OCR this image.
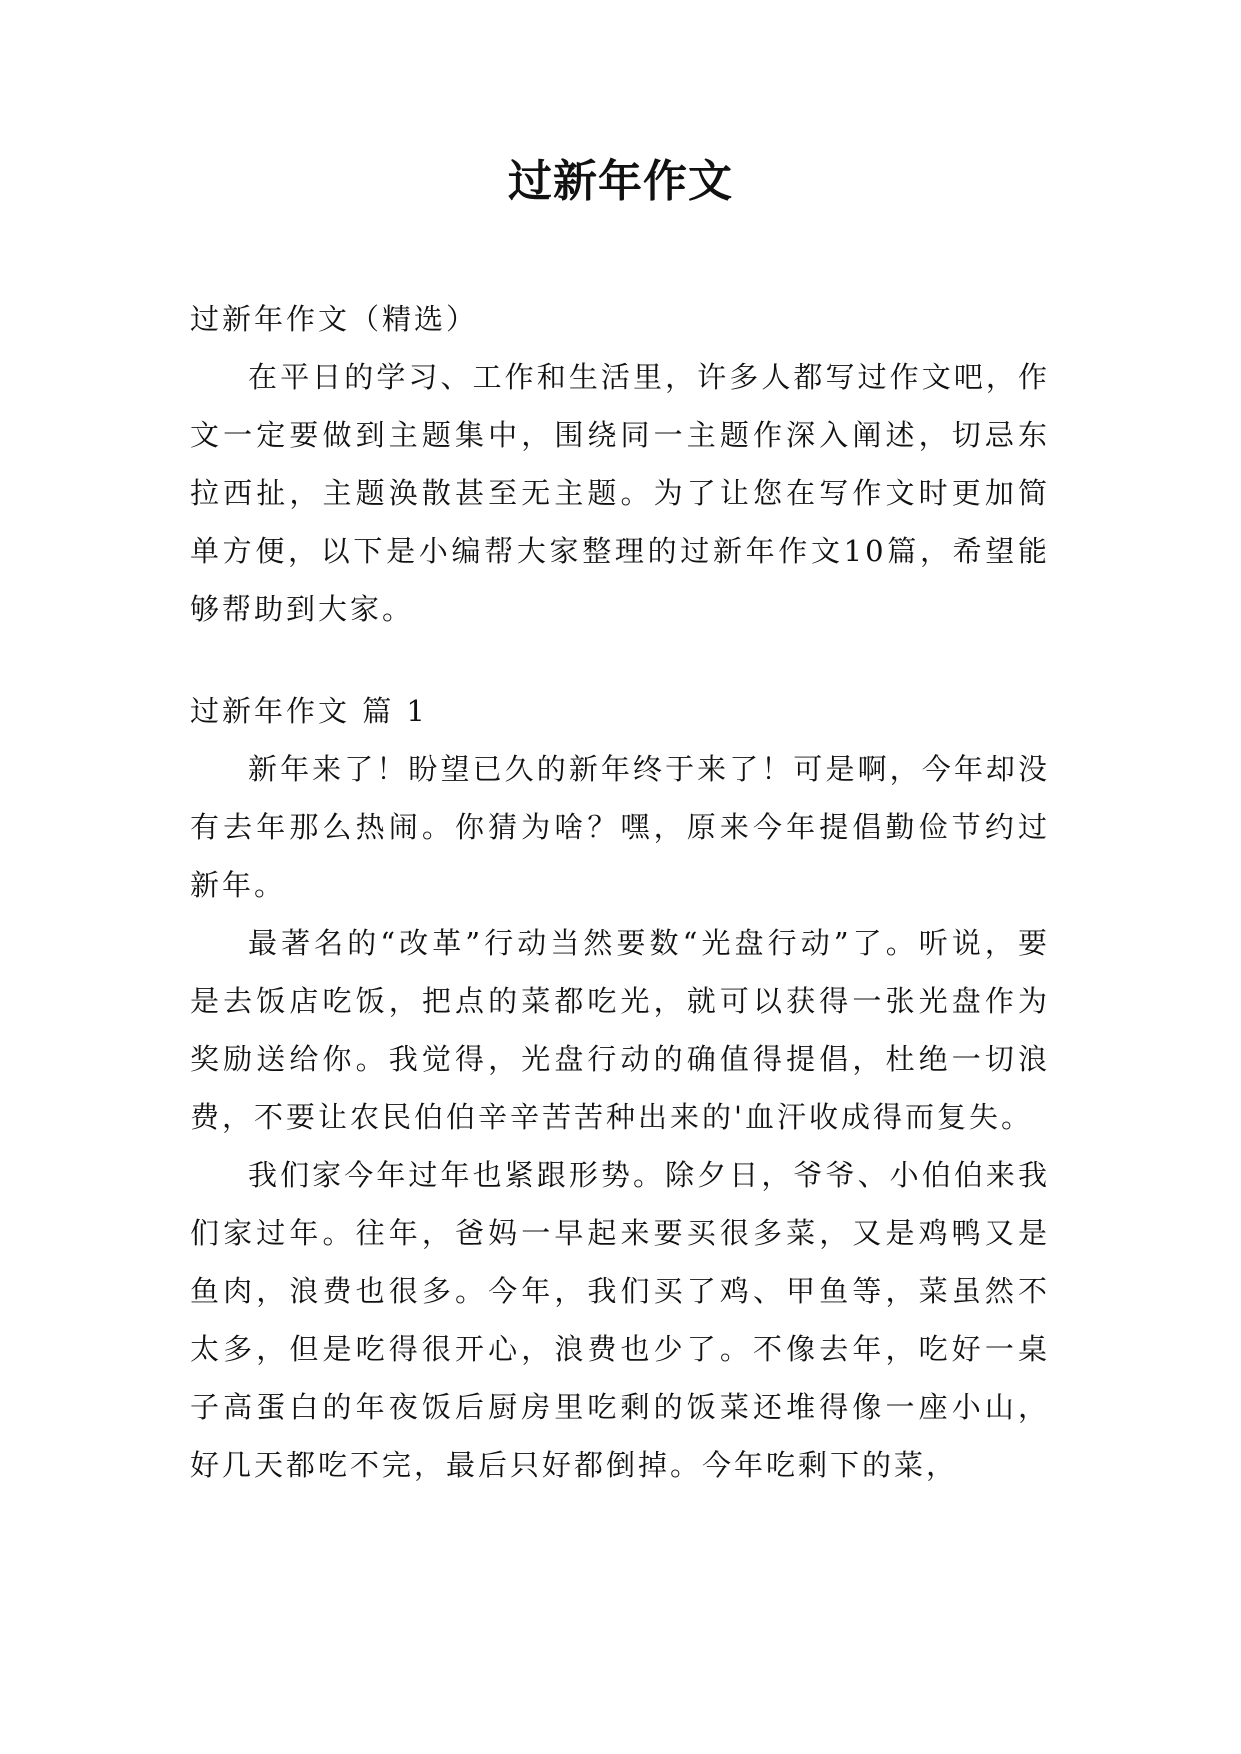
过新年作文

过新年作文（精选）

在平日的学习、工作和生活里，许多人都写过作文吧，作文一定要做到主题集中，围绕同一主题作深入阐述，切忌东拉西扯，主题涣散甚至无主题。为了让您在写作文时更加简单方便，以下是小编帮大家整理的过新年作文10篇，希望能够帮助到大家。

过新年作文 篇 1

新年来了！盼望已久的新年终于来了！可是啊，今年却没有去年那么热闹。你猜为啥？嘿，原来今年提倡勤俭节约过新年。

最著名的“改革”行动当然要数“光盘行动”了。听说，要是去饭店吃饭，把点的菜都吃光，就可以获得一张光盘作为奖励送给你。我觉得，光盘行动的确值得提倡，杜绝一切浪费，不要让农民伯伯辛辛苦苦种出来的'血汗收成得而复失。

我们家今年过年也紧跟形势。除夕日，爷爷、小伯伯来我们家过年。往年，爸妈一早起来要买很多菜，又是鸡鸭又是鱼肉，浪费也很多。今年，我们买了鸡、甲鱼等，菜虽然不太多，但是吃得很开心，浪费也少了。不像去年，吃好一桌子高蛋白的年夜饭后厨房里吃剩的饭菜还堆得像一座小山，好几天都吃不完，最后只好都倒掉。今年吃剩下的菜，
